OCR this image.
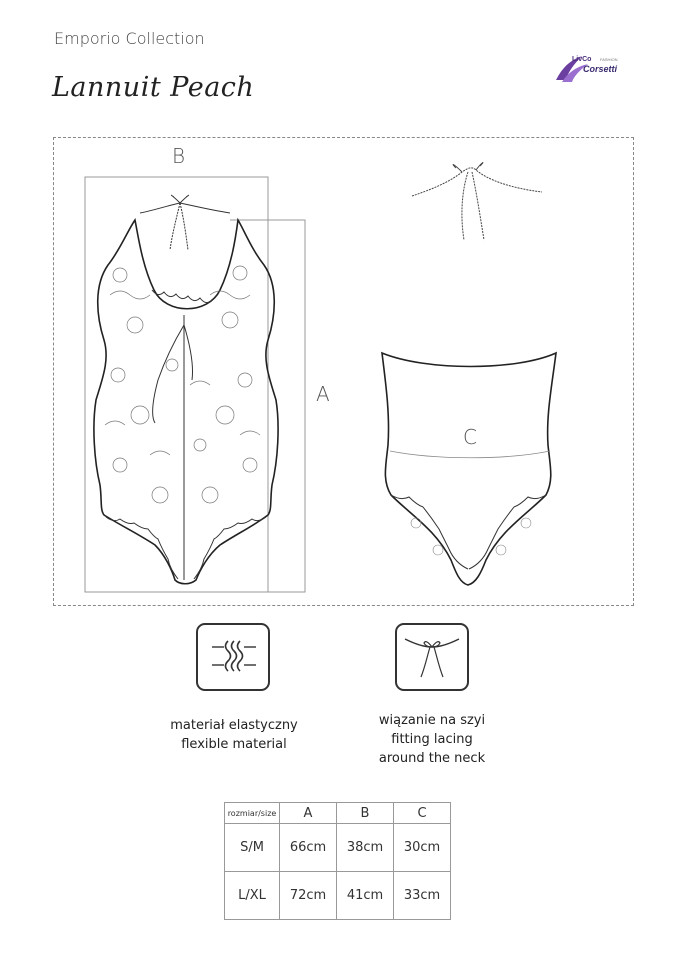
Emporio Collection
Lannuit Peach
LivCo FASHION
Corsetti
B
A
C
materiał elastyczny
flexible material
wiązanie na szyi
fitting lacing
around the neck
rozmiar/size	A	B	C
S/M	66cm	38cm	30cm
L/XL	72cm	41cm	33cm
